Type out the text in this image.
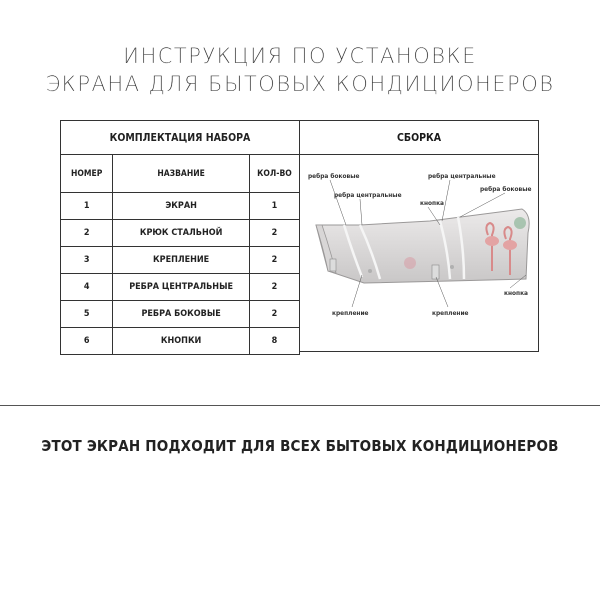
ИНСТРУКЦИЯ ПО УСТАНОВКЕ
ЭКРАНА ДЛЯ БЫТОВЫХ КОНДИЦИОНЕРОВ
КОМПЛЕКТАЦИЯ НАБОРА		
НОМЕР	НАЗВАНИЕ	КОЛ-ВО
1	ЭКРАН	1
2	КРЮК СТАЛЬНОЙ	2
3	КРЕПЛЕНИЕ	2
4	РЕБРА ЦЕНТРАЛЬНЫЕ	2
5	РЕБРА БОКОВЫЕ	2
6	КНОПКИ	8
СБОРКА
ребра боковые
ребра центральные
ребра центральные
ребра боковые
кнопка
кнопка
крепление	крепление
ЭТОТ ЭКРАН ПОДХОДИТ ДЛЯ ВСЕХ БЫТОВЫХ КОНДИЦИОНЕРОВ
